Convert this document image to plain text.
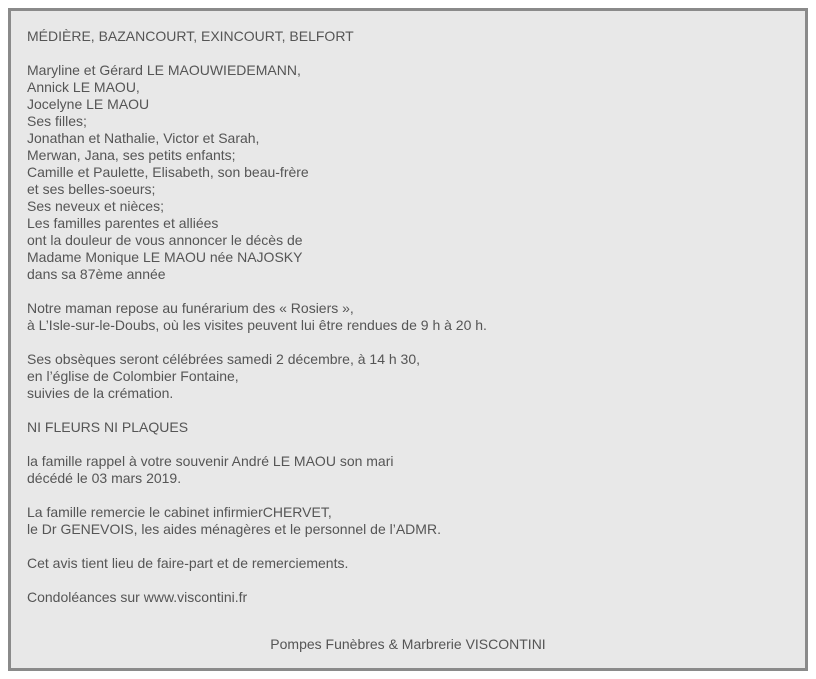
MÉDIÈRE, BAZANCOURT, EXINCOURT, BELFORT
Maryline et Gérard LE MAOUWIEDEMANN,
Annick LE MAOU,
Jocelyne LE MAOU
Ses filles;
Jonathan et Nathalie, Victor et Sarah,
Merwan, Jana, ses petits enfants;
Camille et Paulette, Elisabeth, son beau-frère
et ses belles-soeurs;
Ses neveux et nièces;
Les familles parentes et alliées
ont la douleur de vous annoncer le décès de
Madame Monique LE MAOU née NAJOSKY
dans sa 87ème année
Notre maman repose au funérarium des « Rosiers »,
à L’Isle-sur-le-Doubs, où les visites peuvent lui être rendues de 9 h à 20 h.
Ses obsèques seront célébrées samedi 2 décembre, à 14 h 30,
en l’église de Colombier Fontaine,
suivies de la crémation.
NI FLEURS NI PLAQUES
la famille rappel à votre souvenir André LE MAOU son mari
décédé le 03 mars 2019.
La famille remercie le cabinet infirmierCHERVET,
le Dr GENEVOIS, les aides ménagères et le personnel de l’ADMR.
Cet avis tient lieu de faire-part et de remerciements.
Condoléances sur www.viscontini.fr
Pompes Funèbres & Marbrerie VISCONTINI
